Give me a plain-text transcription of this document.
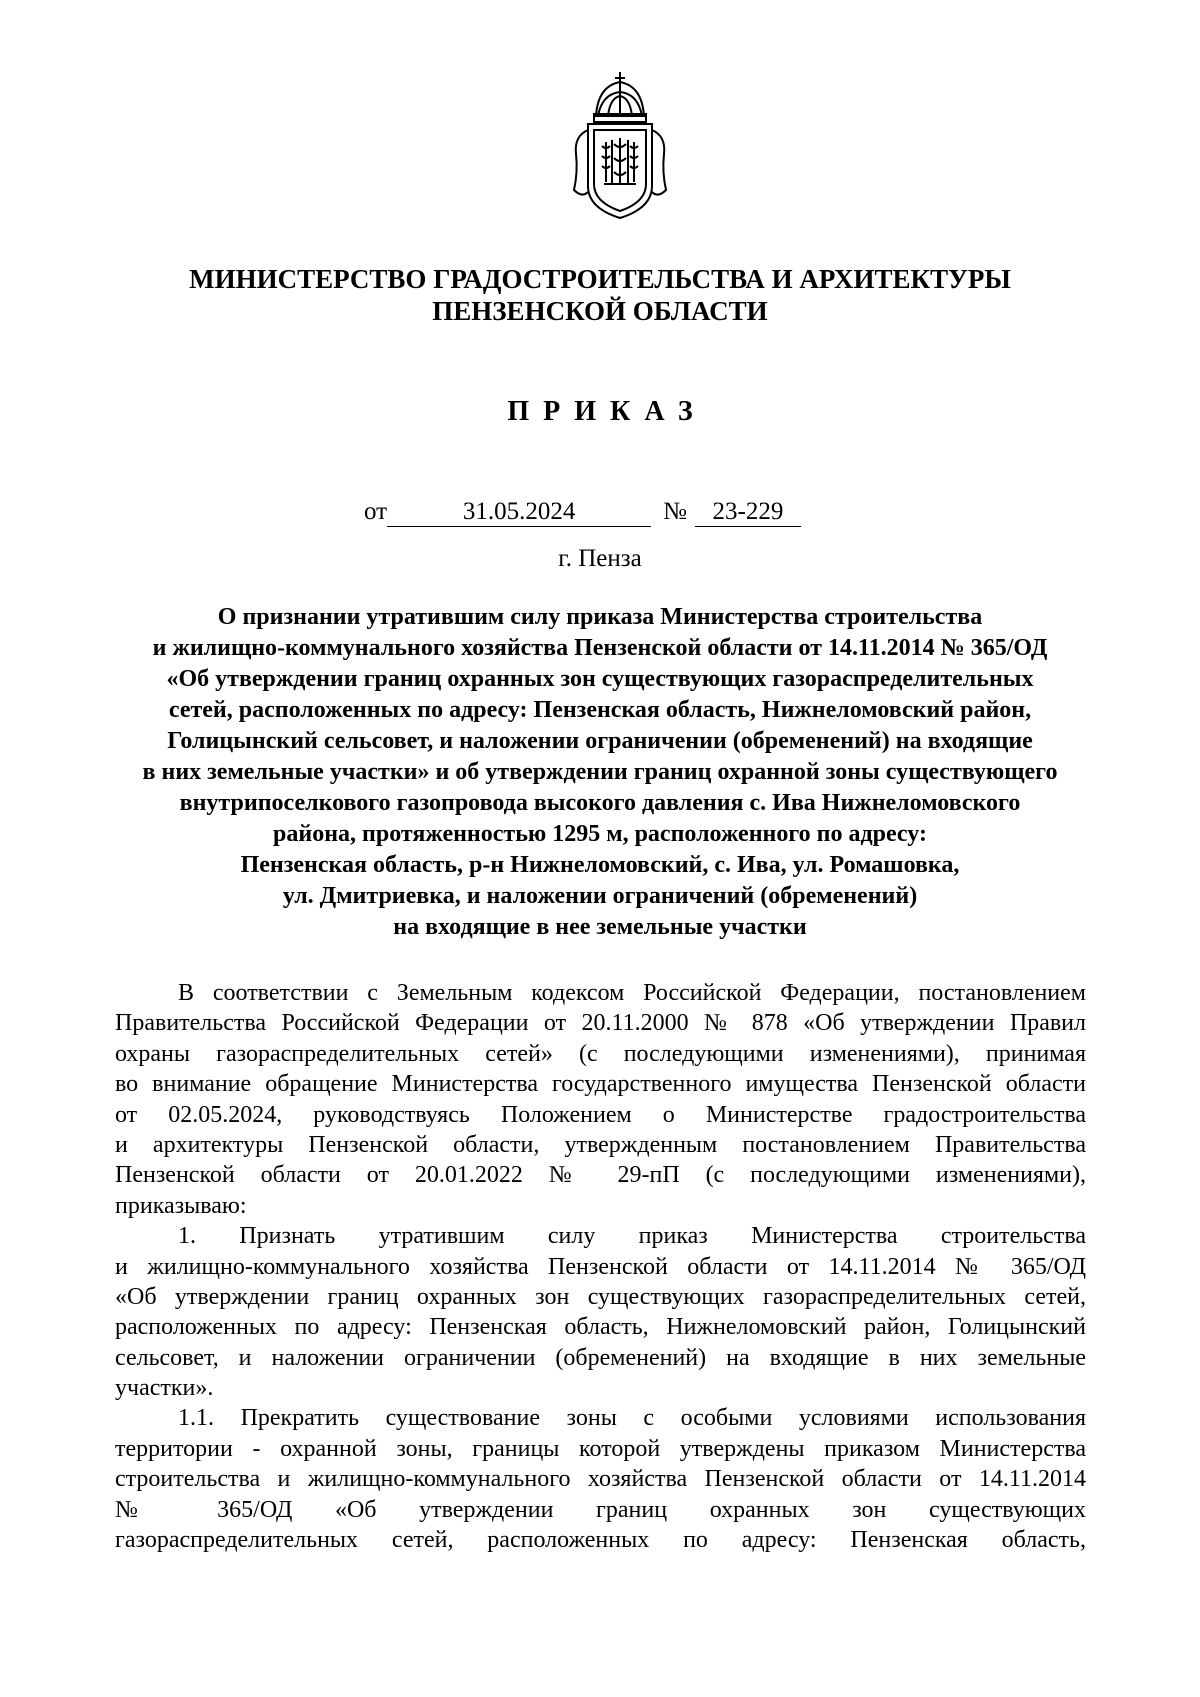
МИНИСТЕРСТВО ГРАДОСТРОИТЕЛЬСТВА И АРХИТЕКТУРЫ
ПЕНЗЕНСКОЙ ОБЛАСТИ
ПРИКАЗ
от	31.05.2024	№ 23-229
г. Пенза
О признании утратившим силу приказа Министерства строительства
и жилищно-коммунального хозяйства Пензенской области от 14.11.2014 № 365/ОД
«Об утверждении границ охранных зон существующих газораспределительных
сетей, расположенных по адресу: Пензенская область, Нижнеломовский район,
Голицынский сельсовет, и наложении ограничении (обременений) на входящие
в них земельные участки» и об утверждении границ охранной зоны существующего
внутрипоселкового газопровода высокого давления с. Ива Нижнеломовского
района, протяженностью 1295 м, расположенного по адресу:
Пензенская область, р-н Нижнеломовский, с. Ива, ул. Ромашовка,
ул. Дмитриевка, и наложении ограничений (обременений)
на входящие в нее земельные участки
В соответствии с Земельным кодексом Российской Федерации, постановлением
Правительства Российской Федерации от 20.11.2000 № 878 «Об утверждении Правил
охраны газораспределительных сетей» (с последующими изменениями), принимая
во внимание обращение Министерства государственного имущества Пензенской области
от 02.05.2024, руководствуясь Положением о Министерстве градостроительства
и архитектуры Пензенской области, утвержденным постановлением Правительства
Пензенской области от 20.01.2022 № 29-пП (с последующими изменениями),
приказываю:
1. Признать утратившим силу приказ Министерства строительства
и жилищно-коммунального хозяйства Пензенской области от 14.11.2014 № 365/ОД
«Об утверждении границ охранных зон существующих газораспределительных сетей,
расположенных по адресу: Пензенская область, Нижнеломовский район, Голицынский
сельсовет, и наложении ограничении (обременений) на входящие в них земельные
участки».
1.1. Прекратить существование зоны с особыми условиями использования
территории - охранной зоны, границы которой утверждены приказом Министерства
строительства и жилищно-коммунального хозяйства Пензенской области от 14.11.2014
№ 365/ОД «Об утверждении границ охранных зон существующих
газораспределительных сетей, расположенных по адресу: Пензенская область,
